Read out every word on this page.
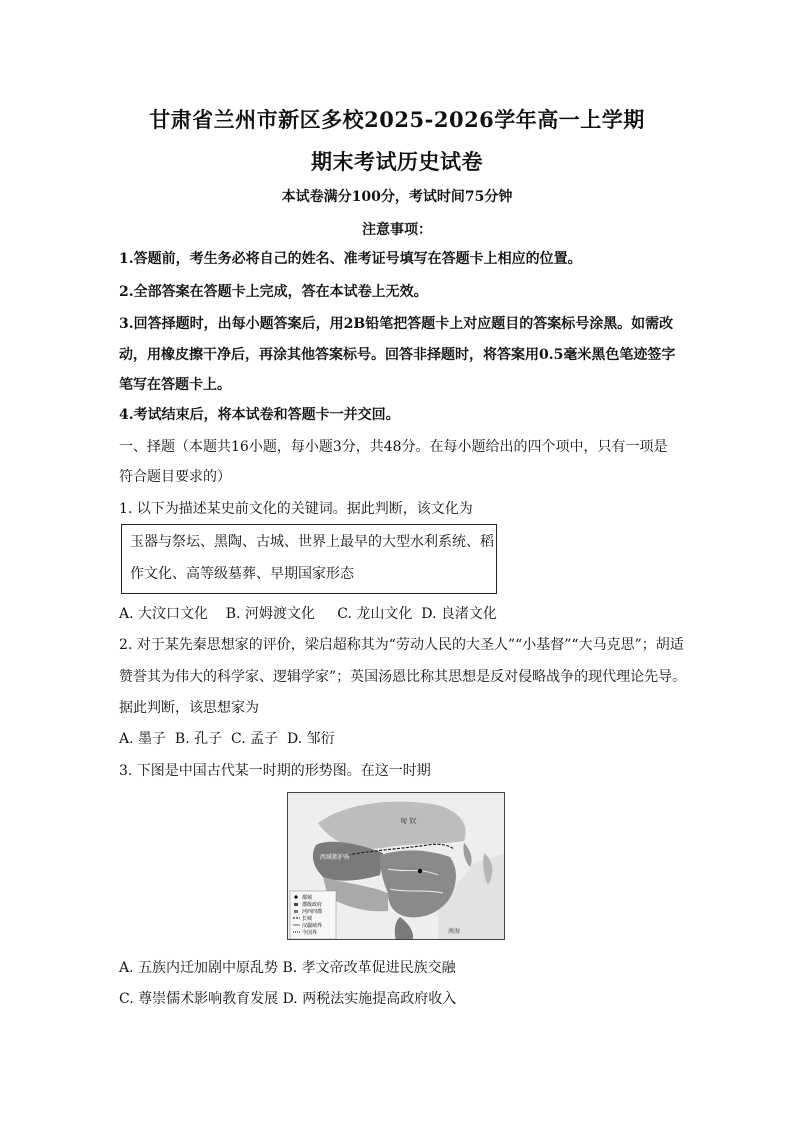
甘肃省兰州市新区多校2025-2026学年高一上学期
期末考试历史试卷
本试卷满分100分，考试时间75分钟
注意事项：
1.答题前，考生务必将自己的姓名、准考证号填写在答题卡上相应的位置。
2.全部答案在答题卡上完成，答在本试卷上无效。
3.回答择题时，出每小题答案后，用2B铅笔把答题卡上对应题目的答案标号涂黑。如需改
动，用橡皮擦干净后，再涂其他答案标号。回答非择题时，将答案用0.5毫米黑色笔迹签字
笔写在答题卡上。
4.考试结束后，将本试卷和答题卡一并交回。
一、择题（本题共16小题，每小题3分，共48分。在每小题给出的四个项中，只有一项是
符合题目要求的）
1. 以下为描述某史前文化的关键词。据此判断，该文化为
玉器与祭坛、黑陶、古城、世界上最早的大型水利系统、稻
作文化、高等级墓葬、早期国家形态
A. 大汶口文化    B. 河姆渡文化     C. 龙山文化  D. 良渚文化
2. 对于某先秦思想家的评价，梁启超称其为“劳动人民的大圣人”“小基督”“大马克思”；胡适
赞誉其为伟大的科学家、逻辑学家”；英国汤恩比称其思想是反对侵略战争的现代理论先导。
据此判断，该思想家为
A. 墨子  B. 孔子  C. 孟子  D. 邹衍
3. 下图是中国古代某一时期的形势图。在这一时期
都城
郡级政府
河西四郡
长城
汉疆域界
今国界
匈 奴
西域都护府
南海
A. 五族内迁加剧中原乱势 B. 孝文帝改革促进民族交融
C. 尊崇儒术影响教育发展 D. 两税法实施提高政府收入
